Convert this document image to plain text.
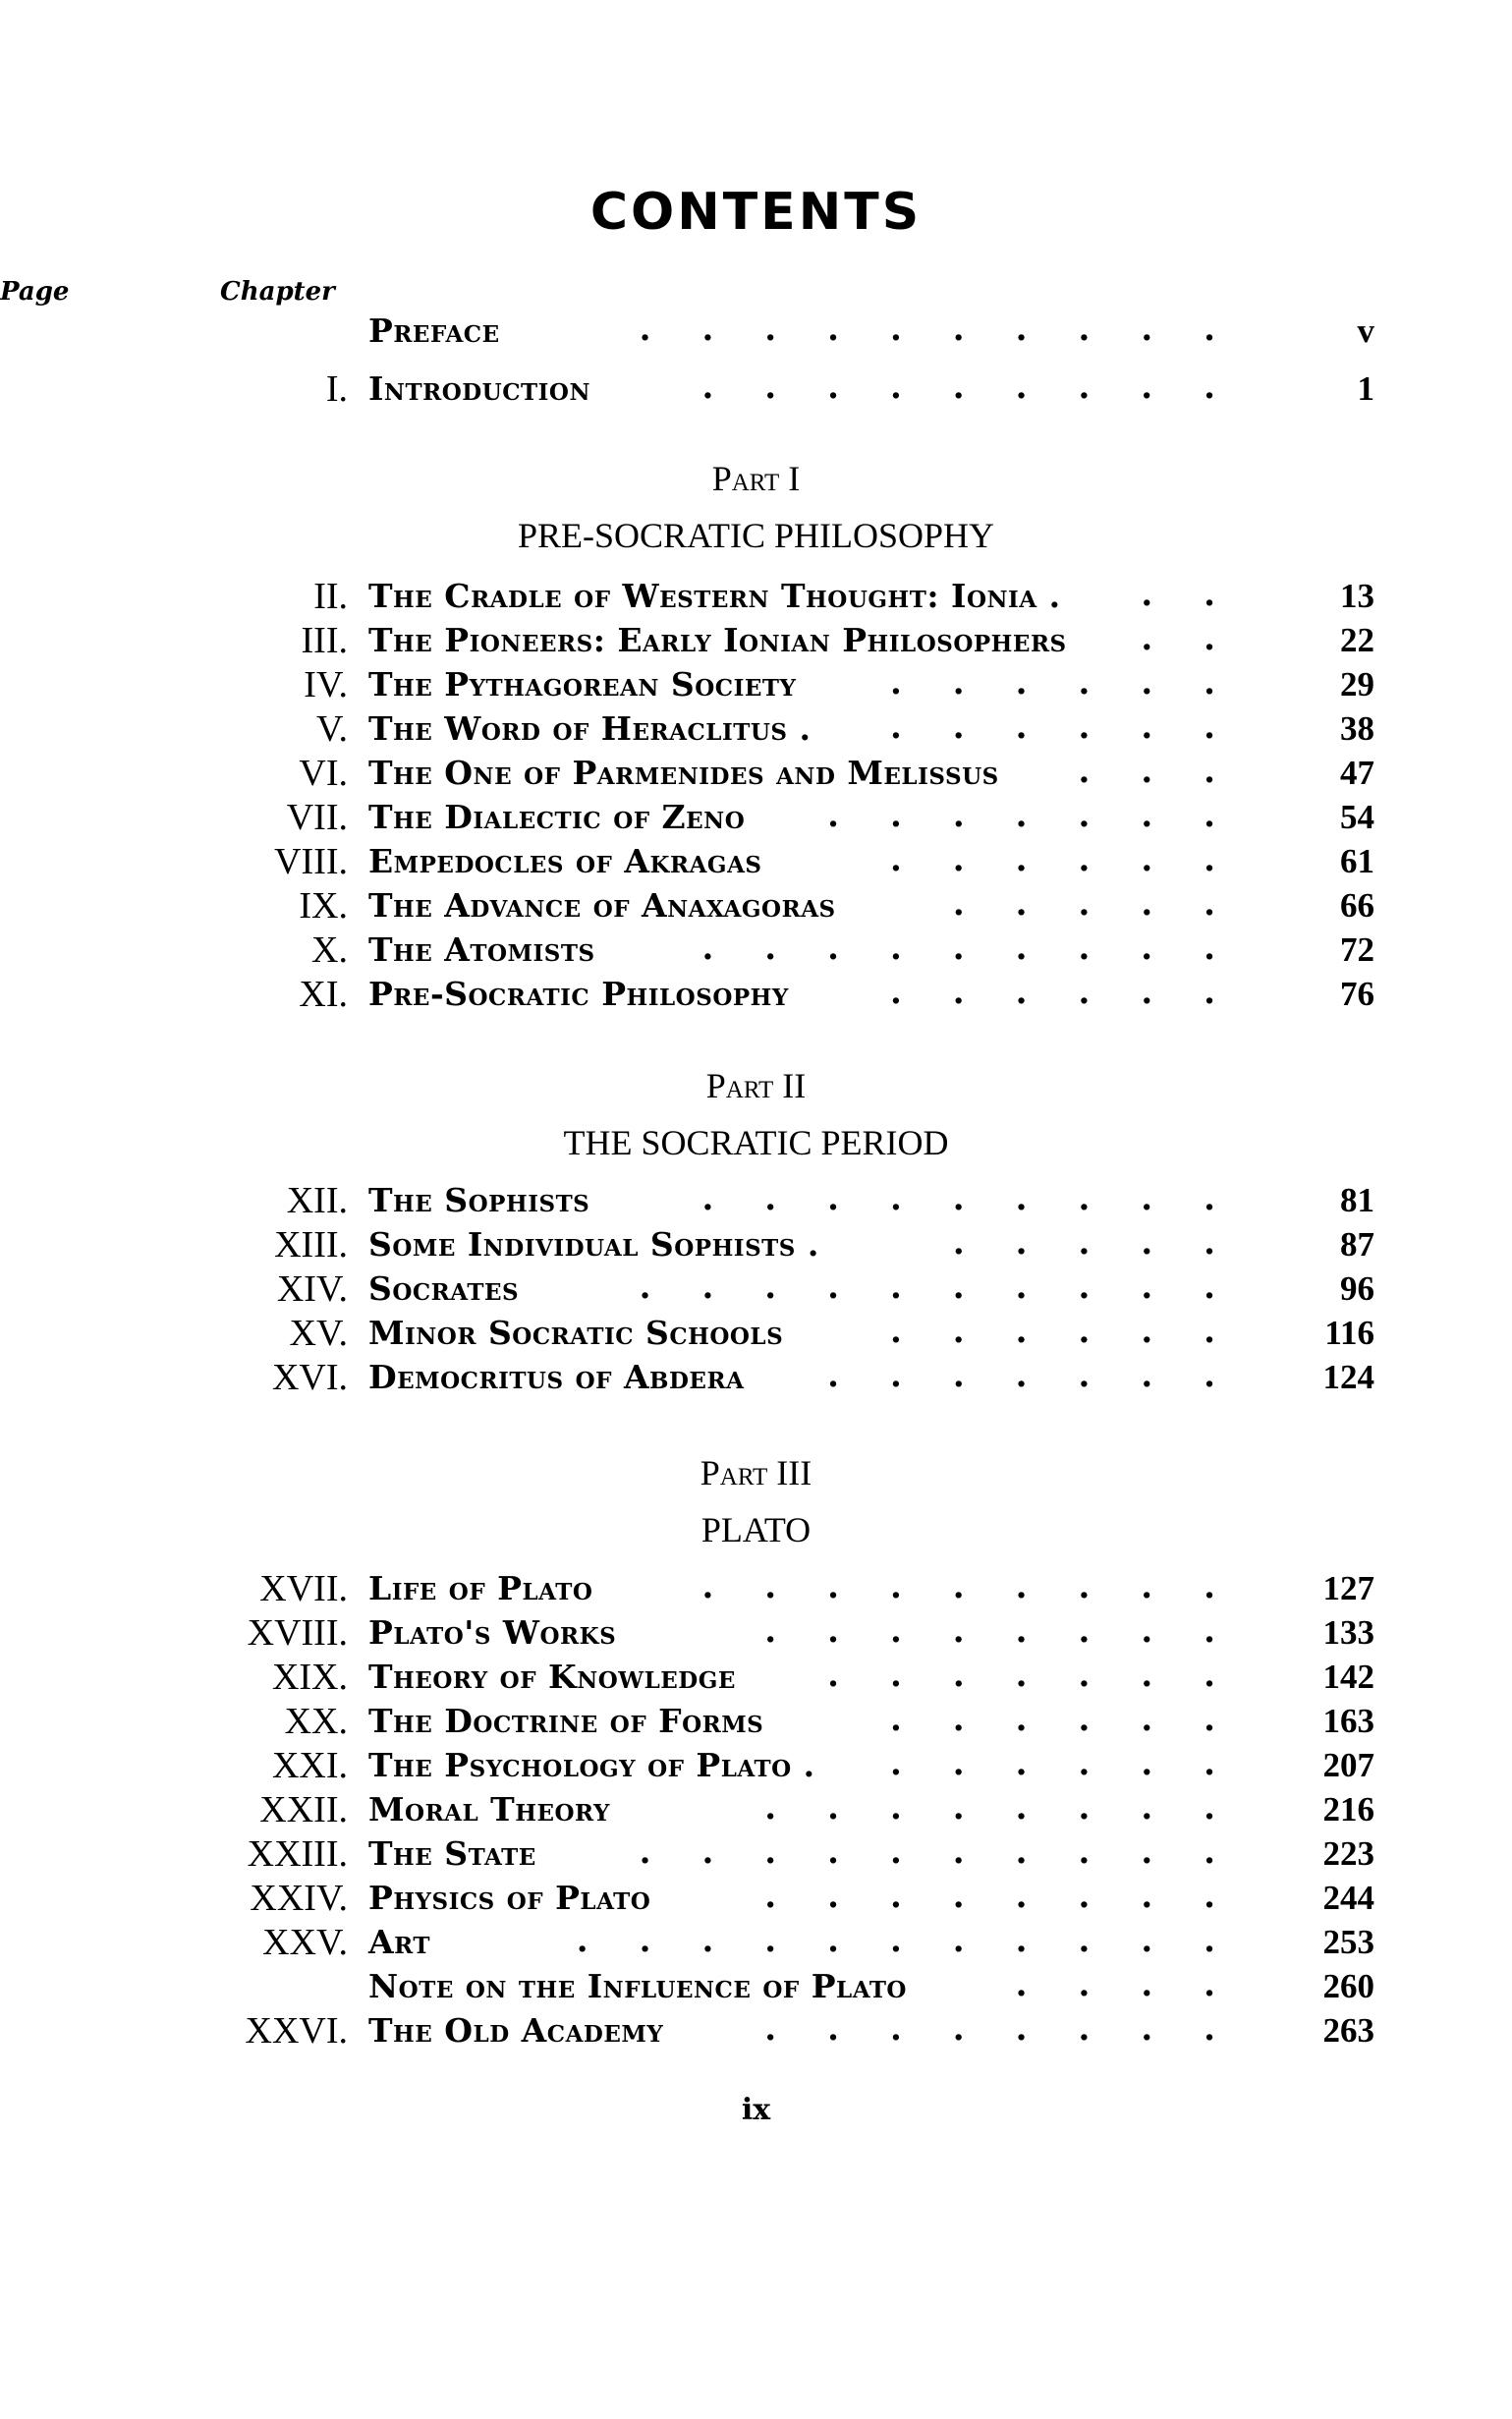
CONTENTS
Chapter
Page
Preface	..........	v
I. Introduction	.........	1
Part I
PRE-SOCRATIC PHILOSOPHY
II. The Cradle of Western Thought: Ionia . .. 13
III. The Pioneers: Early Ionian Philosophers .. 22
IV. The Pythagorean Society	...... 29
V. The Word of Heraclitus . ...... 38
VI. The One of Parmenides and Melissus ... 47
VII. The Dialectic of Zeno ....... 54
VIII. Empedocles of Akragas	...... 61
IX. The Advance of Anaxagoras	..... 66
X. The Atomists	......... 72
XI. Pre-Socratic Philosophy	...... 76
Part II
THE SOCRATIC PERIOD
XII. The Sophists	......... 81
XIII. Some Individual Sophists .	..... 87
XIV. Socrates	.......... 96
XV. Minor Socratic Schools	...... 116
XVI. Democritus of Abdera ....... 124
Part III
PLATO
XVII. Life of Plato	......... 127
XVIII. Plato's Works	........ 133
XIX. Theory of Knowledge	....... 142
XX. The Doctrine of Forms	...... 163
XXI. The Psychology of Plato . ...... 207
XXII. Moral Theory	........ 216
XXIII. The State	.......... 223
XXIV. Physics of Plato	........ 244
XXV. Art	........... 253
Note on the Influence of Plato	.... 260
XXVI. The Old Academy	........ 263
ix
